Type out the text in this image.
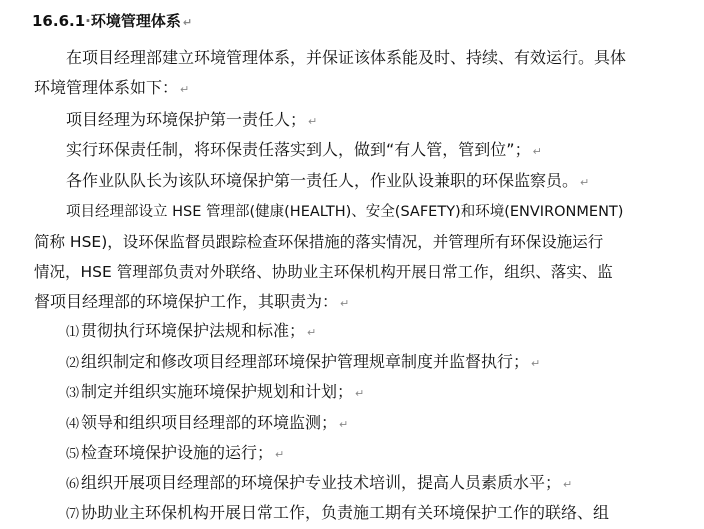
16.6.1·环境管理体系 ↵
在项目经理部建立环境管理体系，并保证该体系能及时、持续、有效运行。具体
环境管理体系如下： ↵
项目经理为环境保护第一责任人； ↵
实行环保责任制，将环保责任落实到人，做到“有人管，管到位”； ↵
各作业队队长为该队环境保护第一责任人，作业队设兼职的环保监察员。 ↵
项目经理部设立 HSE 管理部(健康(HEALTH)、安全(SAFETY)和环境(ENVIRONMENT)
简称 HSE)，设环保监督员跟踪检查环保措施的落实情况，并管理所有环保设施运行
情况，HSE 管理部负责对外联络、协助业主环保机构开展日常工作，组织、落实、监
督项目经理部的环境保护工作，其职责为： ↵
⑴ 贯彻执行环境保护法规和标准； ↵
⑵ 组织制定和修改项目经理部环境保护管理规章制度并监督执行； ↵
⑶ 制定并组织实施环境保护规划和计划； ↵
⑷ 领导和组织项目经理部的环境监测； ↵
⑸ 检查环境保护设施的运行； ↵
⑹ 组织开展项目经理部的环境保护专业技术培训，提高人员素质水平； ↵
⑺ 协助业主环保机构开展日常工作，负责施工期有关环境保护工作的联络、组
